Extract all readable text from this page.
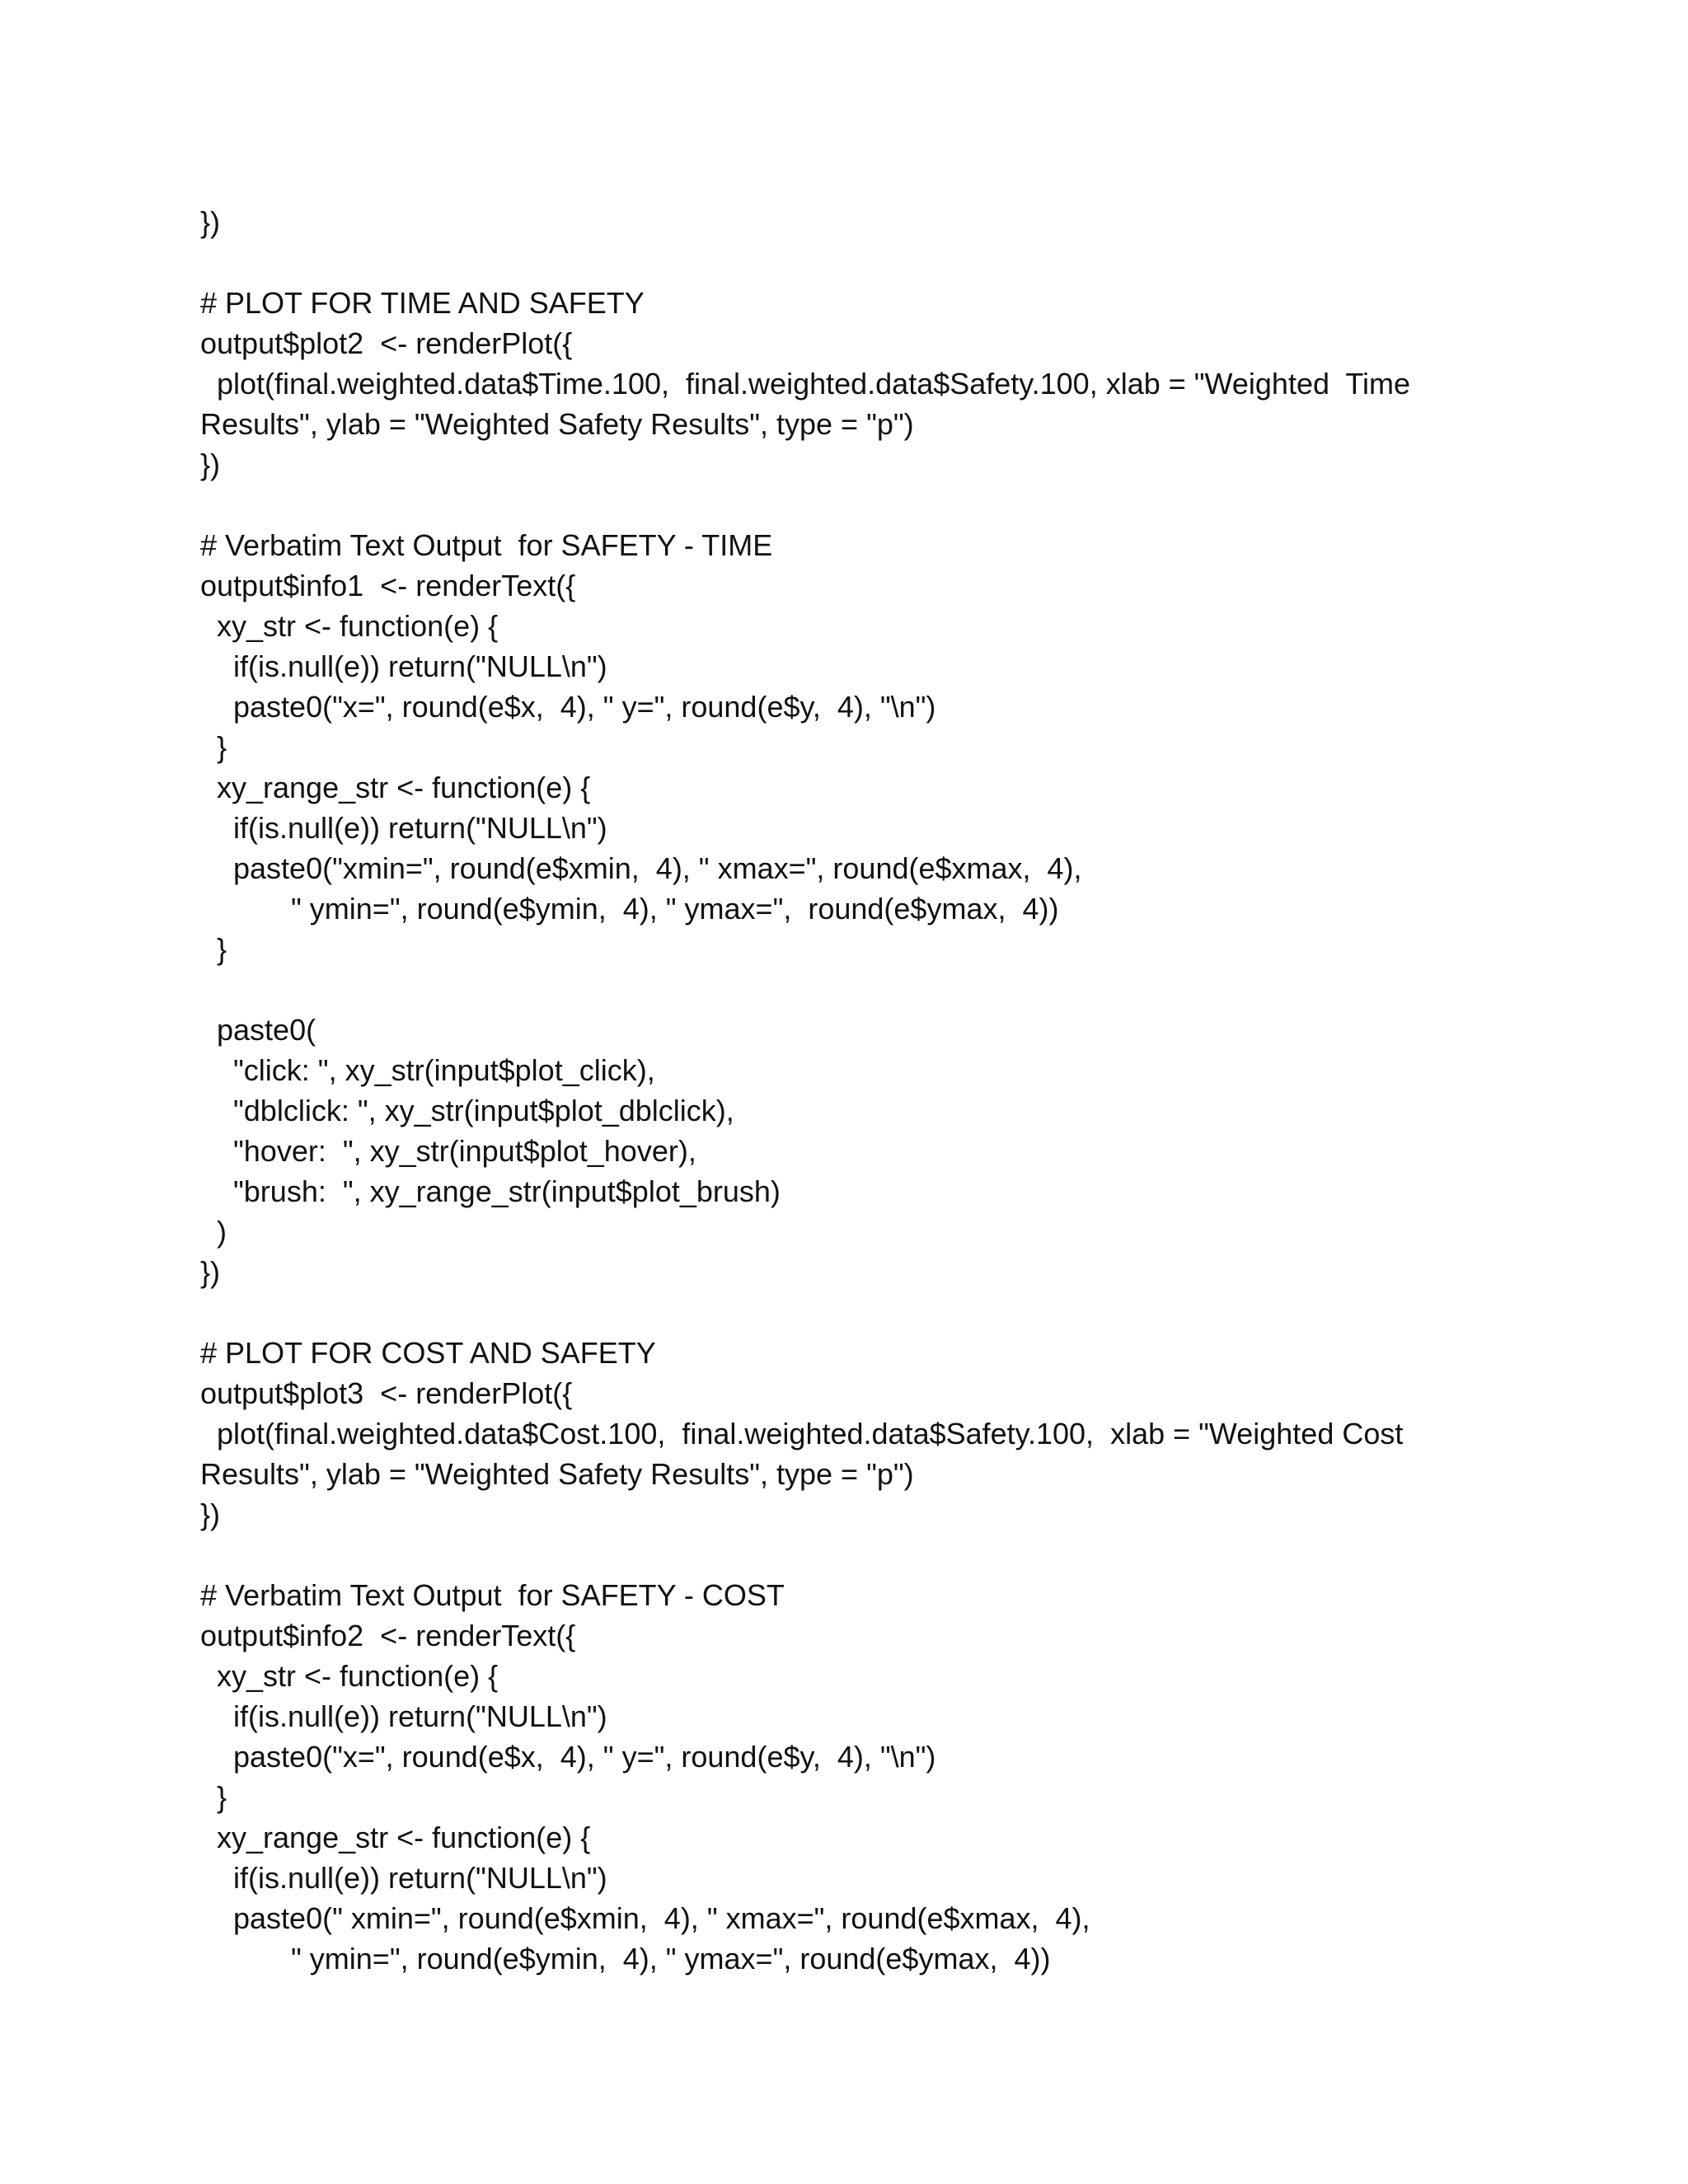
})
# PLOT FOR TIME AND SAFETY
output$plot2  <- renderPlot({
plot(final.weighted.data$Time.100,  final.weighted.data$Safety.100, xlab = "Weighted  Time
Results", ylab = "Weighted Safety Results", type = "p")
})
# Verbatim Text Output  for SAFETY - TIME
output$info1  <- renderText({
xy_str <- function(e) {
if(is.null(e)) return("NULL\n")
paste0("x=", round(e$x,  4), " y=", round(e$y,  4), "\n")
}
xy_range_str <- function(e) {
if(is.null(e)) return("NULL\n")
paste0("xmin=", round(e$xmin,  4), " xmax=", round(e$xmax,  4),
" ymin=", round(e$ymin,  4), " ymax=",  round(e$ymax,  4))
}
paste0(
"click: ", xy_str(input$plot_click),
"dblclick: ", xy_str(input$plot_dblclick),
"hover:  ", xy_str(input$plot_hover),
"brush:  ", xy_range_str(input$plot_brush)
)
})
# PLOT FOR COST AND SAFETY
output$plot3  <- renderPlot({
plot(final.weighted.data$Cost.100,  final.weighted.data$Safety.100,  xlab = "Weighted Cost
Results", ylab = "Weighted Safety Results", type = "p")
})
# Verbatim Text Output  for SAFETY - COST
output$info2  <- renderText({
xy_str <- function(e) {
if(is.null(e)) return("NULL\n")
paste0("x=", round(e$x,  4), " y=", round(e$y,  4), "\n")
}
xy_range_str <- function(e) {
if(is.null(e)) return("NULL\n")
paste0(" xmin=", round(e$xmin,  4), " xmax=", round(e$xmax,  4),
" ymin=", round(e$ymin,  4), " ymax=", round(e$ymax,  4))
